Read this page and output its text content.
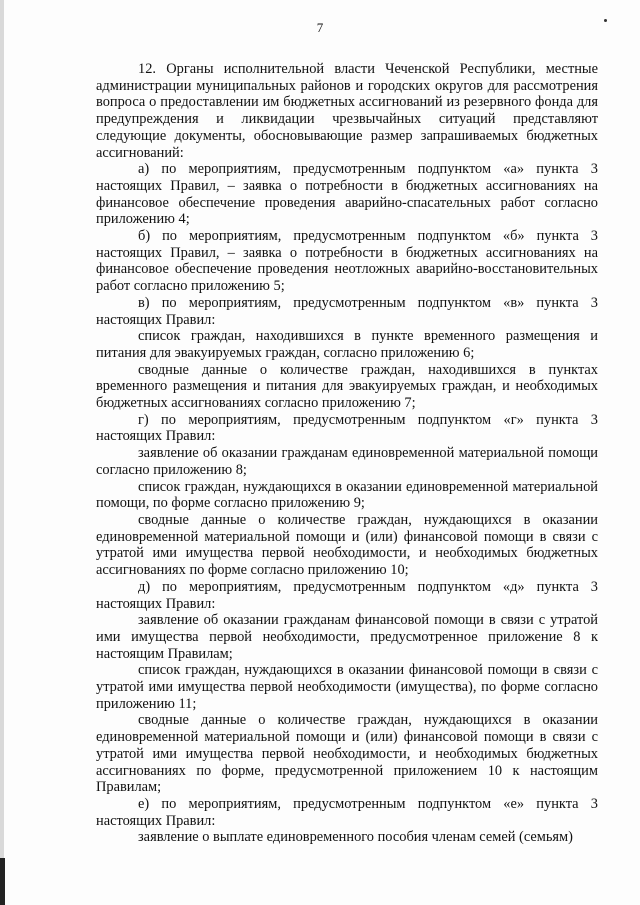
7

12. Органы исполнительной власти Чеченской Республики, местные администрации муниципальных районов и городских округов для рассмотрения вопроса о предоставлении им бюджетных ассигнований из резервного фонда для предупреждения и ликвидации чрезвычайных ситуаций представляют следующие документы, обосновывающие размер запрашиваемых бюджетных ассигнований:

а) по мероприятиям, предусмотренным подпунктом «а» пункта 3 настоящих Правил, – заявка о потребности в бюджетных ассигнованиях на финансовое обеспечение проведения аварийно-спасательных работ согласно приложению 4;

б) по мероприятиям, предусмотренным подпунктом «б» пункта 3 настоящих Правил, – заявка о потребности в бюджетных ассигнованиях на финансовое обеспечение проведения неотложных аварийно-восстановительных работ согласно приложению 5;

в) по мероприятиям, предусмотренным подпунктом «в» пункта 3 настоящих Правил:

список граждан, находившихся в пункте временного размещения и питания для эвакуируемых граждан, согласно приложению 6;

сводные данные о количестве граждан, находившихся в пунктах временного размещения и питания для эвакуируемых граждан, и необходимых бюджетных ассигнованиях согласно приложению 7;

г) по мероприятиям, предусмотренным подпунктом «г» пункта 3 настоящих Правил:

заявление об оказании гражданам единовременной материальной помощи согласно приложению 8;

список граждан, нуждающихся в оказании единовременной материальной помощи, по форме согласно приложению 9;

сводные данные о количестве граждан, нуждающихся в оказании единовременной материальной помощи и (или) финансовой помощи в связи с утратой ими имущества первой необходимости, и необходимых бюджетных ассигнованиях по форме согласно приложению 10;

д) по мероприятиям, предусмотренным подпунктом «д» пункта 3 настоящих Правил:

заявление об оказании гражданам финансовой помощи в связи с утратой ими имущества первой необходимости, предусмотренное приложение 8 к настоящим Правилам;

список граждан, нуждающихся в оказании финансовой помощи в связи с утратой ими имущества первой необходимости (имущества), по форме согласно приложению 11;

сводные данные о количестве граждан, нуждающихся в оказании единовременной материальной помощи и (или) финансовой помощи в связи с утратой ими имущества первой необходимости, и необходимых бюджетных ассигнованиях по форме, предусмотренной приложением 10 к настоящим Правилам;

е) по мероприятиям, предусмотренным подпунктом «е» пункта 3 настоящих Правил:

заявление о выплате единовременного пособия членам семей (семьям)
